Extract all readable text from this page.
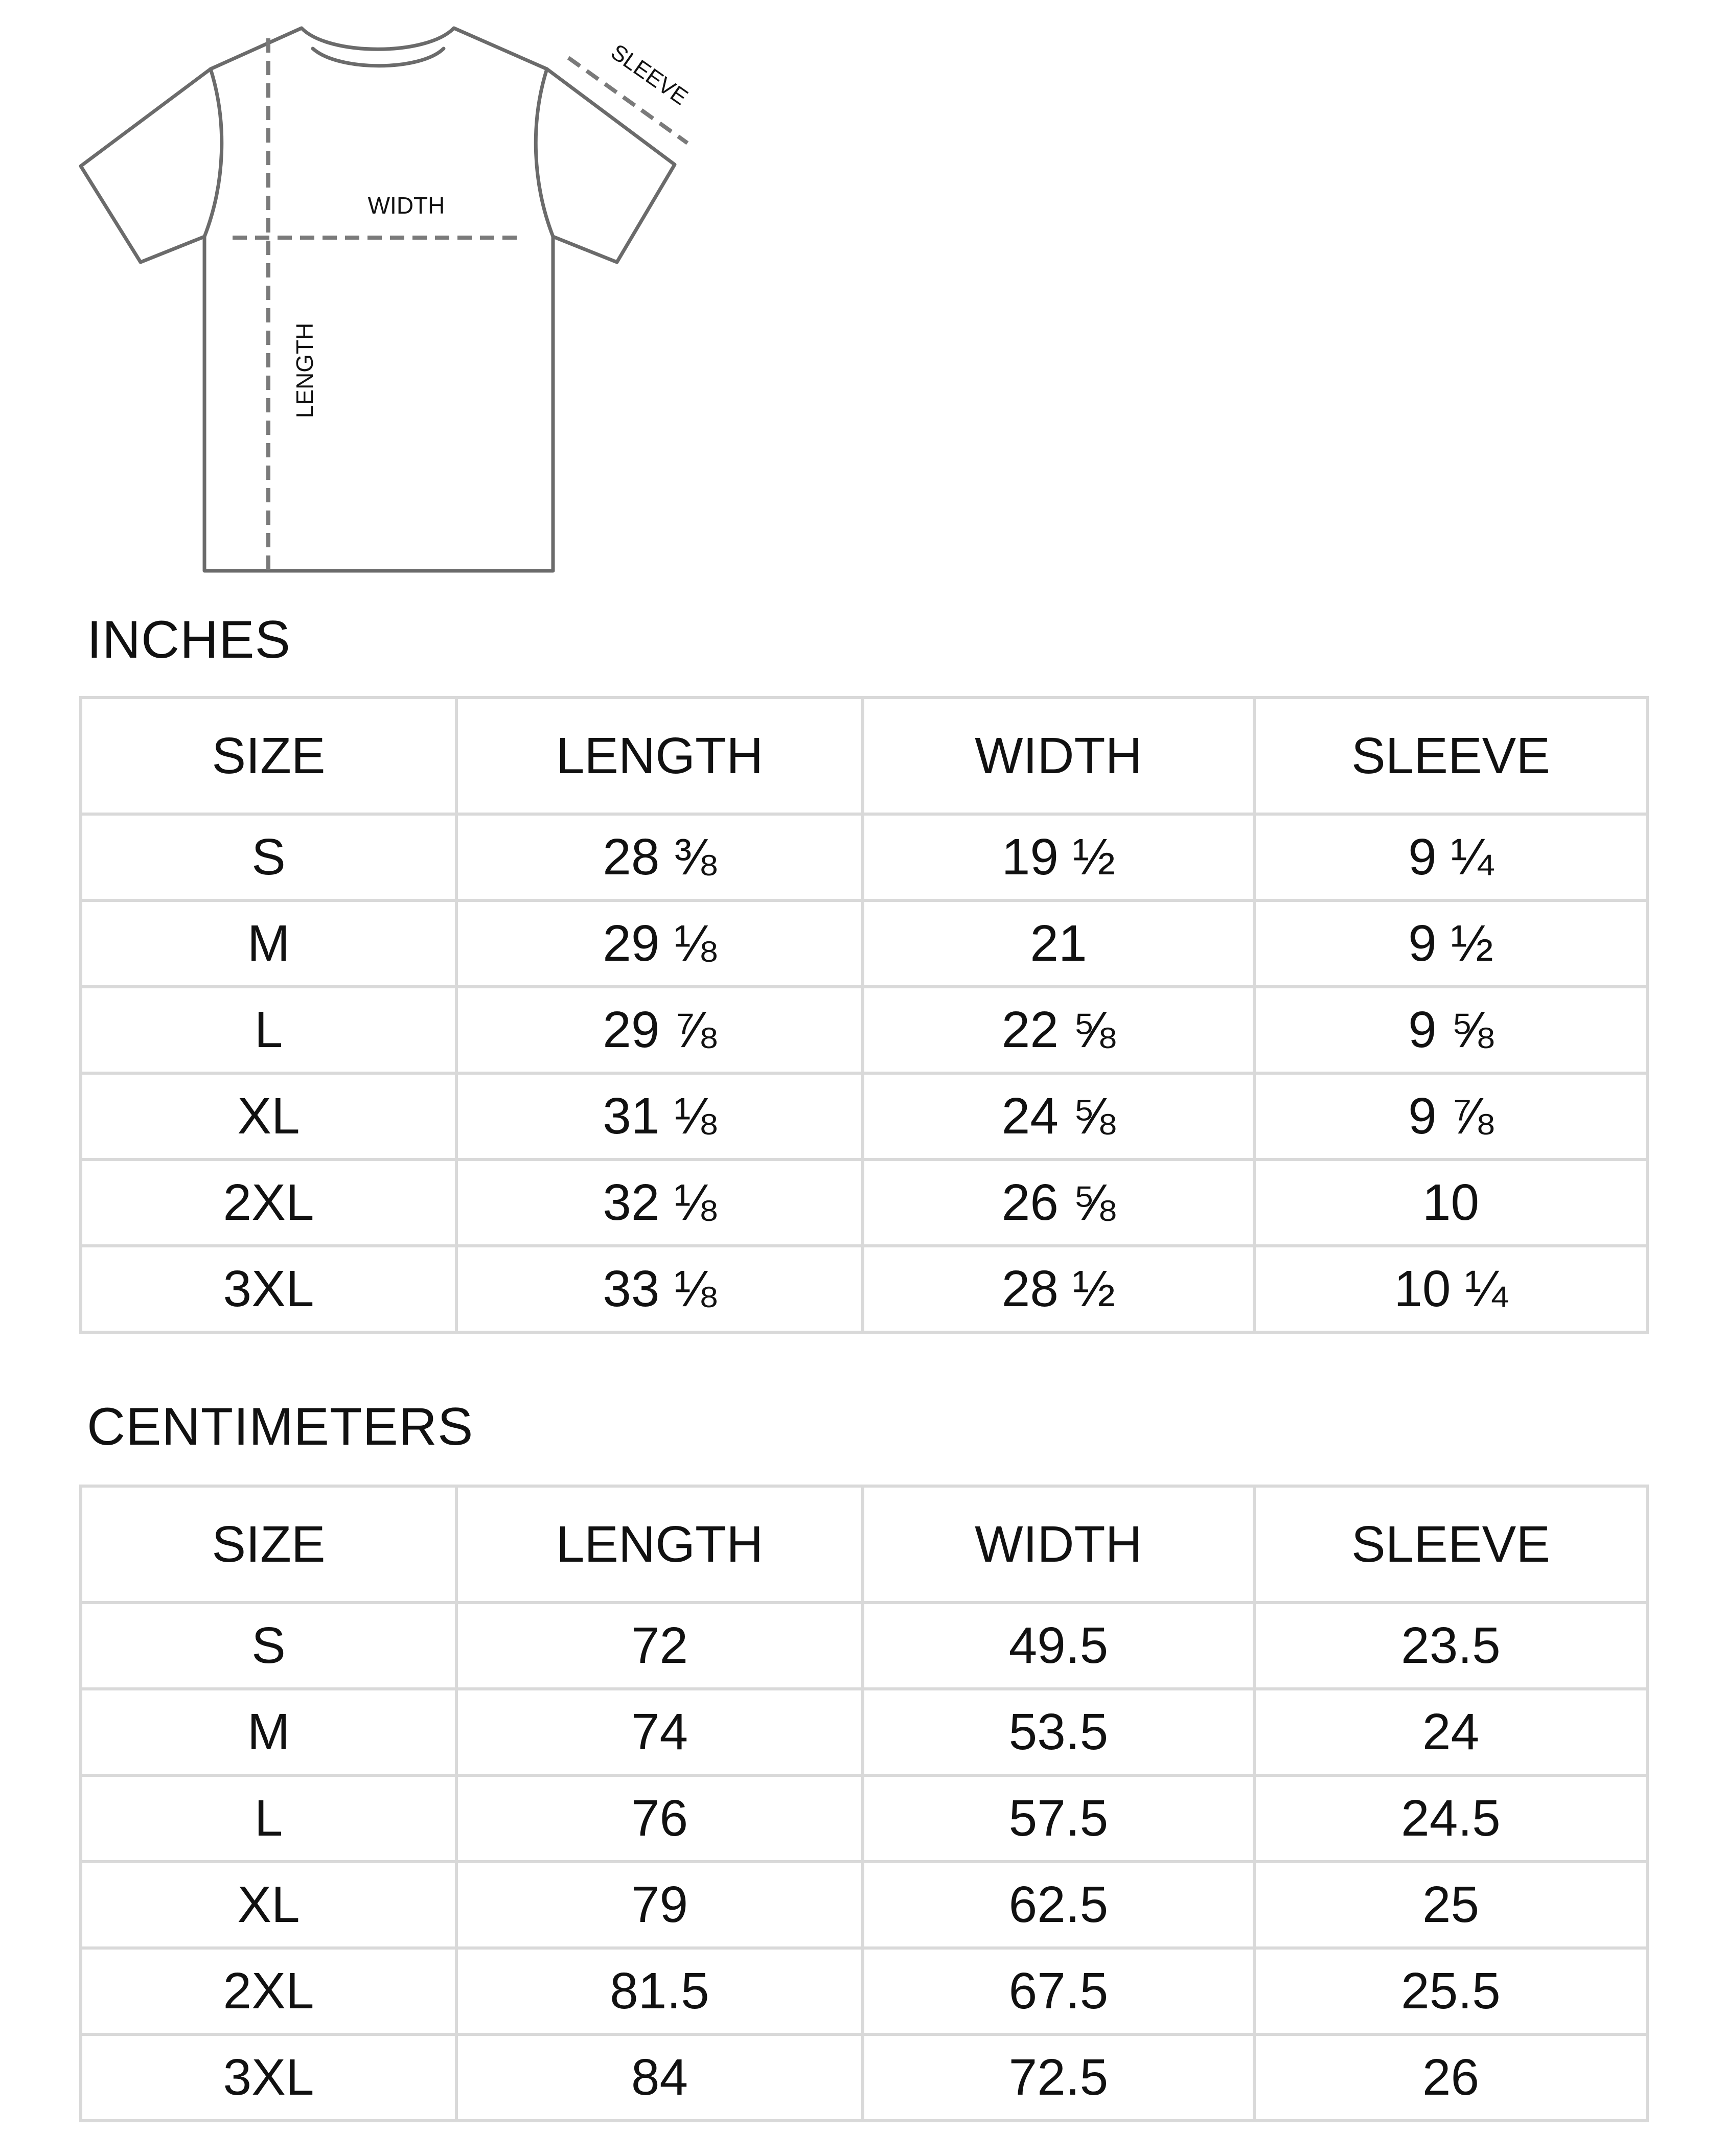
WIDTH
LENGTH
SLEEVE
INCHES
SIZE	LENGTH	WIDTH	SLEEVE
S	28 ⅜	19 ½	9 ¼
M	29 ⅛	21	9 ½
L	29 ⅞	22 ⅝	9 ⅝
XL	31 ⅛	24 ⅝	9 ⅞
2XL	32 ⅛	26 ⅝	10
3XL	33 ⅛	28 ½	10 ¼
CENTIMETERS
SIZE	LENGTH	WIDTH	SLEEVE
S	72	49.5	23.5
M	74	53.5	24
L	76	57.5	24.5
XL	79	62.5	25
2XL	81.5	67.5	25.5
3XL	84	72.5	26
